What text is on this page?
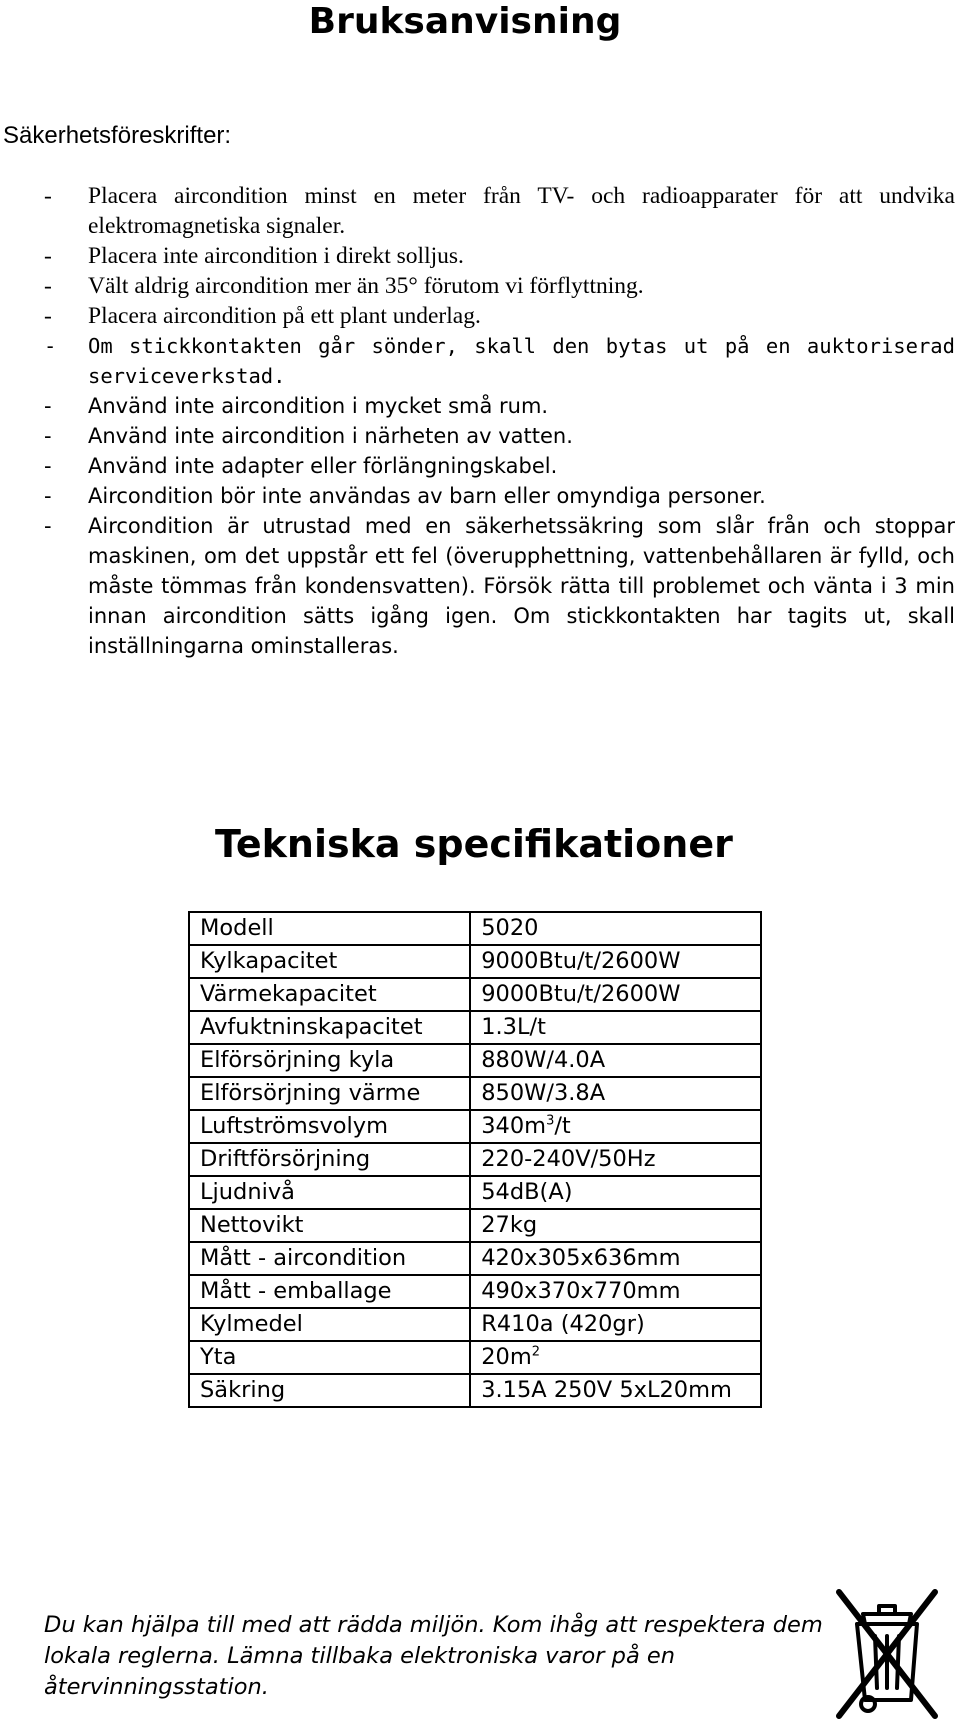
Bruksanvisning
Säkerhetsföreskrifter:
- Placera aircondition minst en meter från TV- och radioapparater för att undvika elektromagnetiska signaler.
- Placera inte aircondition i direkt solljus.
- Vält aldrig aircondition mer än 35° förutom vi förflyttning.
- Placera aircondition på ett plant underlag.
- Om stickkontakten går sönder, skall den bytas ut på en auktoriserad serviceverkstad.
- Använd inte aircondition i mycket små rum.
- Använd inte aircondition i närheten av vatten.
- Använd inte adapter eller förlängningskabel.
- Aircondition bör inte användas av barn eller omyndiga personer.
- Aircondition är utrustad med en säkerhetssäkring som slår från och stoppar maskinen, om det uppstår ett fel (överupphettning, vattenbehållaren är fylld, och måste tömmas från kondensvatten). Försök rätta till problemet och vänta i 3 min innan aircondition sätts igång igen. Om stickkontakten har tagits ut, skall inställningarna ominstalleras.
Tekniska specifikationer
Modell	5020
Kylkapacitet	9000Btu/t/2600W
Värmekapacitet	9000Btu/t/2600W
Avfuktninskapacitet	1.3L/t
Elförsörjning kyla	880W/4.0A
Elförsörjning värme	850W/3.8A
Luftströmsvolym	$340m^3/t$
Driftförsörjning	220-240V/50Hz
Ljudnivå	54dB(A)
Nettovikt	27kg
Mått - aircondition	420x305x636mm
Mått - emballage	490x370x770mm
Kylmedel	R410a (420gr)
Yta	$20m^2$
Säkring	3.15A 250V 5xL20mm

Du kan hjälpa till med att rädda miljön. Kom ihåg att respektera dem lokala reglerna. Lämna tillbaka elektroniska varor på en återvinningsstation.
